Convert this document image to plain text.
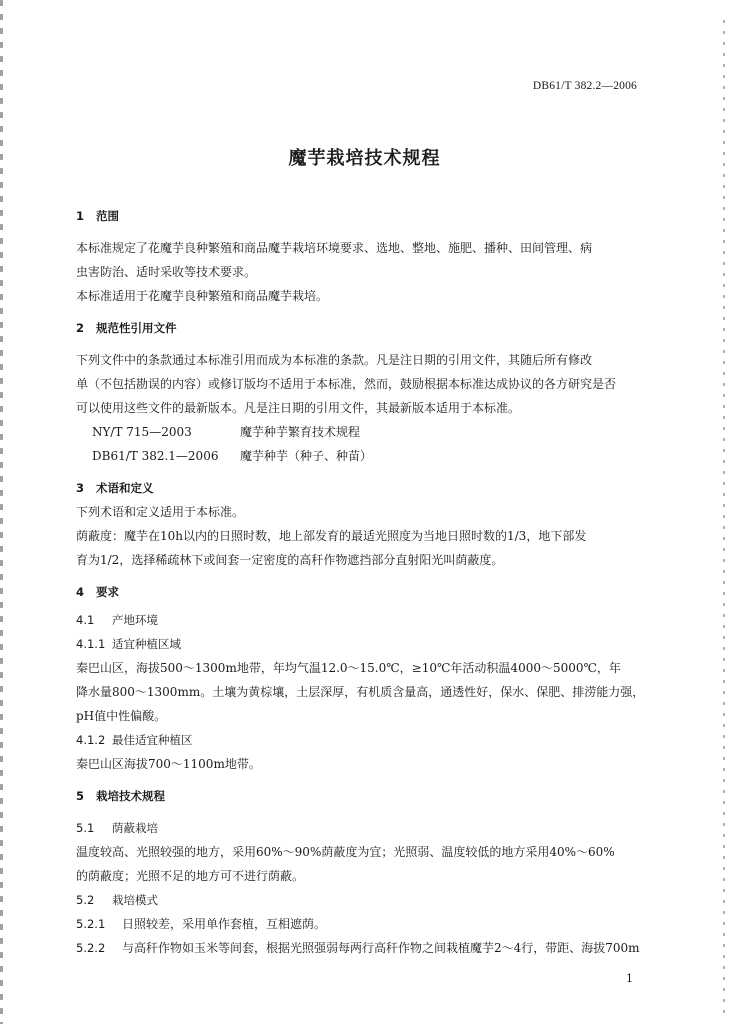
DB61/T 382.2—2006
魔芋栽培技术规程
1 范围
本标准规定了花魔芋良种繁殖和商品魔芋栽培环境要求、选地、整地、施肥、播种、田间管理、病
虫害防治、适时采收等技术要求。
本标准适用于花魔芋良种繁殖和商品魔芋栽培。
2 规范性引用文件
下列文件中的条款通过本标准引用而成为本标准的条款。凡是注日期的引用文件，其随后所有修改
单（不包括勘误的内容）或修订版均不适用于本标准，然而，鼓励根据本标准达成协议的各方研究是否
可以使用这些文件的最新版本。凡是注日期的引用文件，其最新版本适用于本标准。
NY/T 715—2003	魔芋种芋繁育技术规程
DB61/T 382.1—2006 魔芋种芋（种子、种苗）
3 术语和定义
下列术语和定义适用于本标准。
荫蔽度：魔芋在10h以内的日照时数，地上部发育的最适光照度为当地日照时数的1/3，地下部发
育为1/2，选择稀疏林下或间套一定密度的高秆作物遮挡部分直射阳光叫荫蔽度。
4 要求
4.1 产地环境
4.1.1 适宜种植区域
秦巴山区，海拔500～1300m地带，年均气温12.0～15.0℃，≥10℃年活动积温4000～5000℃，年
降水量800～1300mm。土壤为黄棕壤，土层深厚，有机质含量高，通透性好，保水、保肥、排涝能力强，
pH值中性偏酸。
4.1.2 最佳适宜种植区
秦巴山区海拔700～1100m地带。
5 栽培技术规程
5.1 荫蔽栽培
温度较高、光照较强的地方，采用60%～90%荫蔽度为宜；光照弱、温度较低的地方采用40%～60%
的荫蔽度；光照不足的地方可不进行荫蔽。
5.2 栽培模式
5.2.1 日照较差，采用单作套植，互相遮荫。
5.2.2 与高秆作物如玉米等间套，根据光照强弱每两行高秆作物之间栽植魔芋2～4行，带距、海拔700m
1
